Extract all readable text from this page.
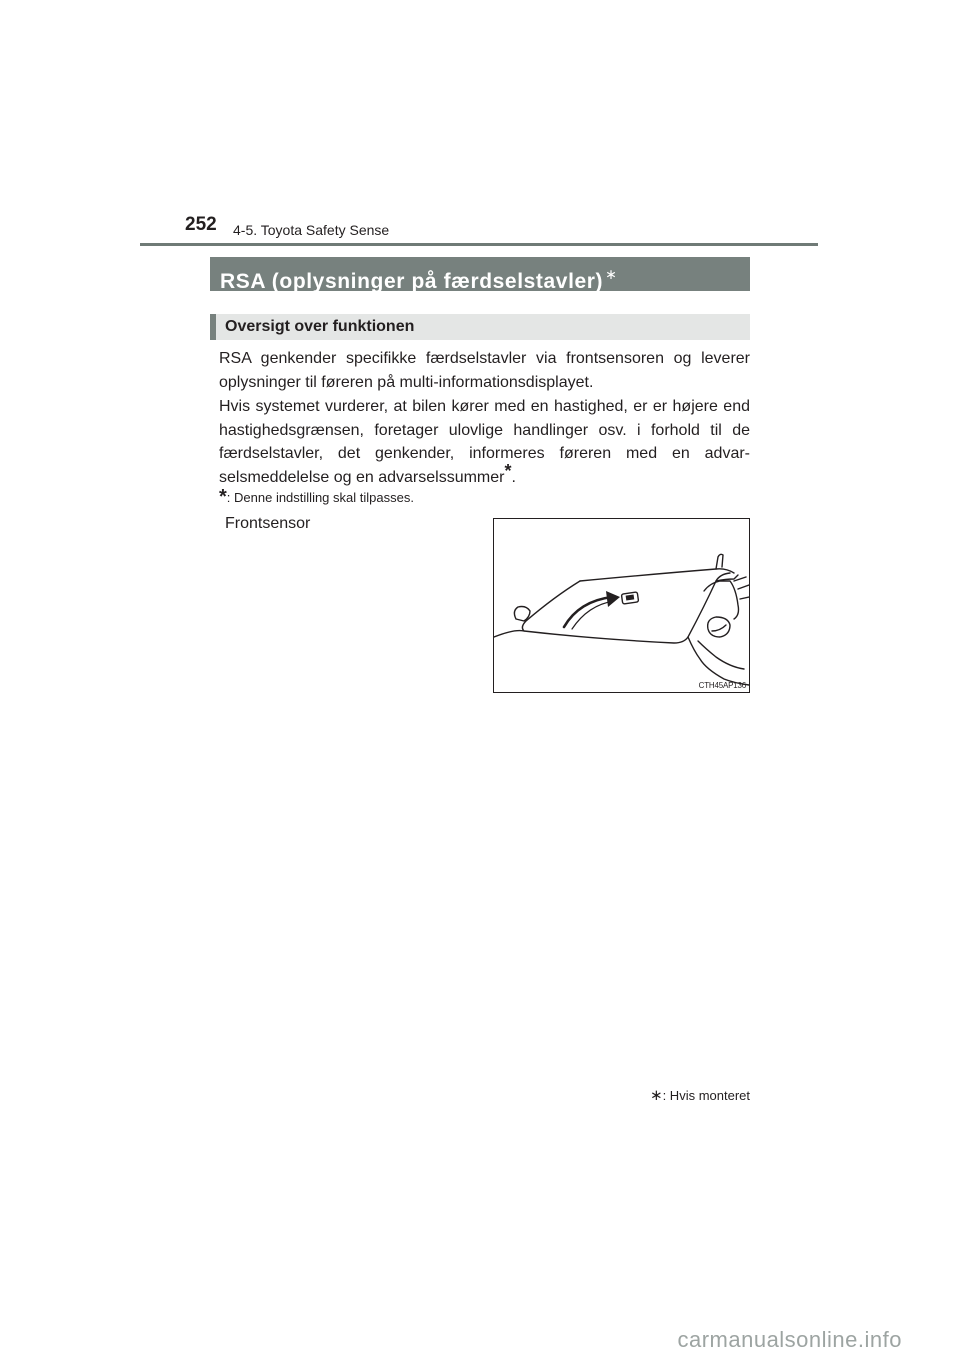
252 4-5. Toyota Safety Sense
RSA (oplysninger på færdselstavler) ∗
Oversigt over funktionen

RSA genkender specifikke færdselstavler via frontsensoren og leverer oplysninger til føreren på multi-informationsdisplayet.

Hvis systemet vurderer, at bilen kører med en hastighed, er er højere end hastighedsgrænsen, foretager ulovlige handlinger osv. i forhold til de færdselstavler, det genkender, informeres føreren med en advar-selsmeddelelse og en advarselssummer*.

*: Denne indstilling skal tilpasses.
Frontsensor
CTH45AP136
∗: Hvis monteret
carmanualsonline.info
